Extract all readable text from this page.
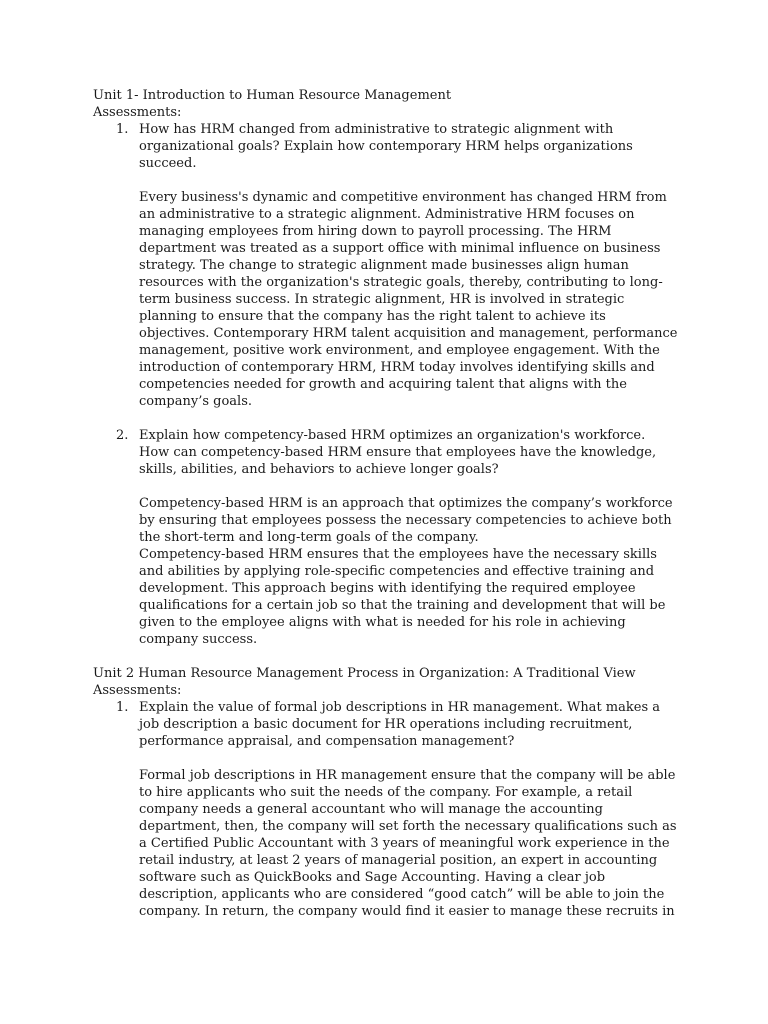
Unit 1- Introduction to Human Resource Management

Assessments:

1. How has HRM changed from administrative to strategic alignment with organizational goals? Explain how contemporary HRM helps organizations succeed.

Every business's dynamic and competitive environment has changed HRM from an administrative to a strategic alignment. Administrative HRM focuses on managing employees from hiring down to payroll processing. The HRM department was treated as a support office with minimal influence on business strategy. The change to strategic alignment made businesses align human resources with the organization's strategic goals, thereby, contributing to long-term business success. In strategic alignment, HR is involved in strategic planning to ensure that the company has the right talent to achieve its objectives. Contemporary HRM talent acquisition and management, performance management, positive work environment, and employee engagement. With the introduction of contemporary HRM, HRM today involves identifying skills and competencies needed for growth and acquiring talent that aligns with the company’s goals.

2. Explain how competency-based HRM optimizes an organization's workforce. How can competency-based HRM ensure that employees have the knowledge, skills, abilities, and behaviors to achieve longer goals?

Competency-based HRM is an approach that optimizes the company’s workforce by ensuring that employees possess the necessary competencies to achieve both the short-term and long-term goals of the company.

Competency-based HRM ensures that the employees have the necessary skills and abilities by applying role-specific competencies and effective training and development. This approach begins with identifying the required employee qualifications for a certain job so that the training and development that will be given to the employee aligns with what is needed for his role in achieving company success.

Unit 2 Human Resource Management Process in Organization: A Traditional View

Assessments:

1. Explain the value of formal job descriptions in HR management. What makes a job description a basic document for HR operations including recruitment, performance appraisal, and compensation management?

Formal job descriptions in HR management ensure that the company will be able to hire applicants who suit the needs of the company. For example, a retail company needs a general accountant who will manage the accounting department, then, the company will set forth the necessary qualifications such as a Certified Public Accountant with 3 years of meaningful work experience in the retail industry, at least 2 years of managerial position, an expert in accounting software such as QuickBooks and Sage Accounting. Having a clear job description, applicants who are considered “good catch” will be able to join the company. In return, the company would find it easier to manage these recruits in
